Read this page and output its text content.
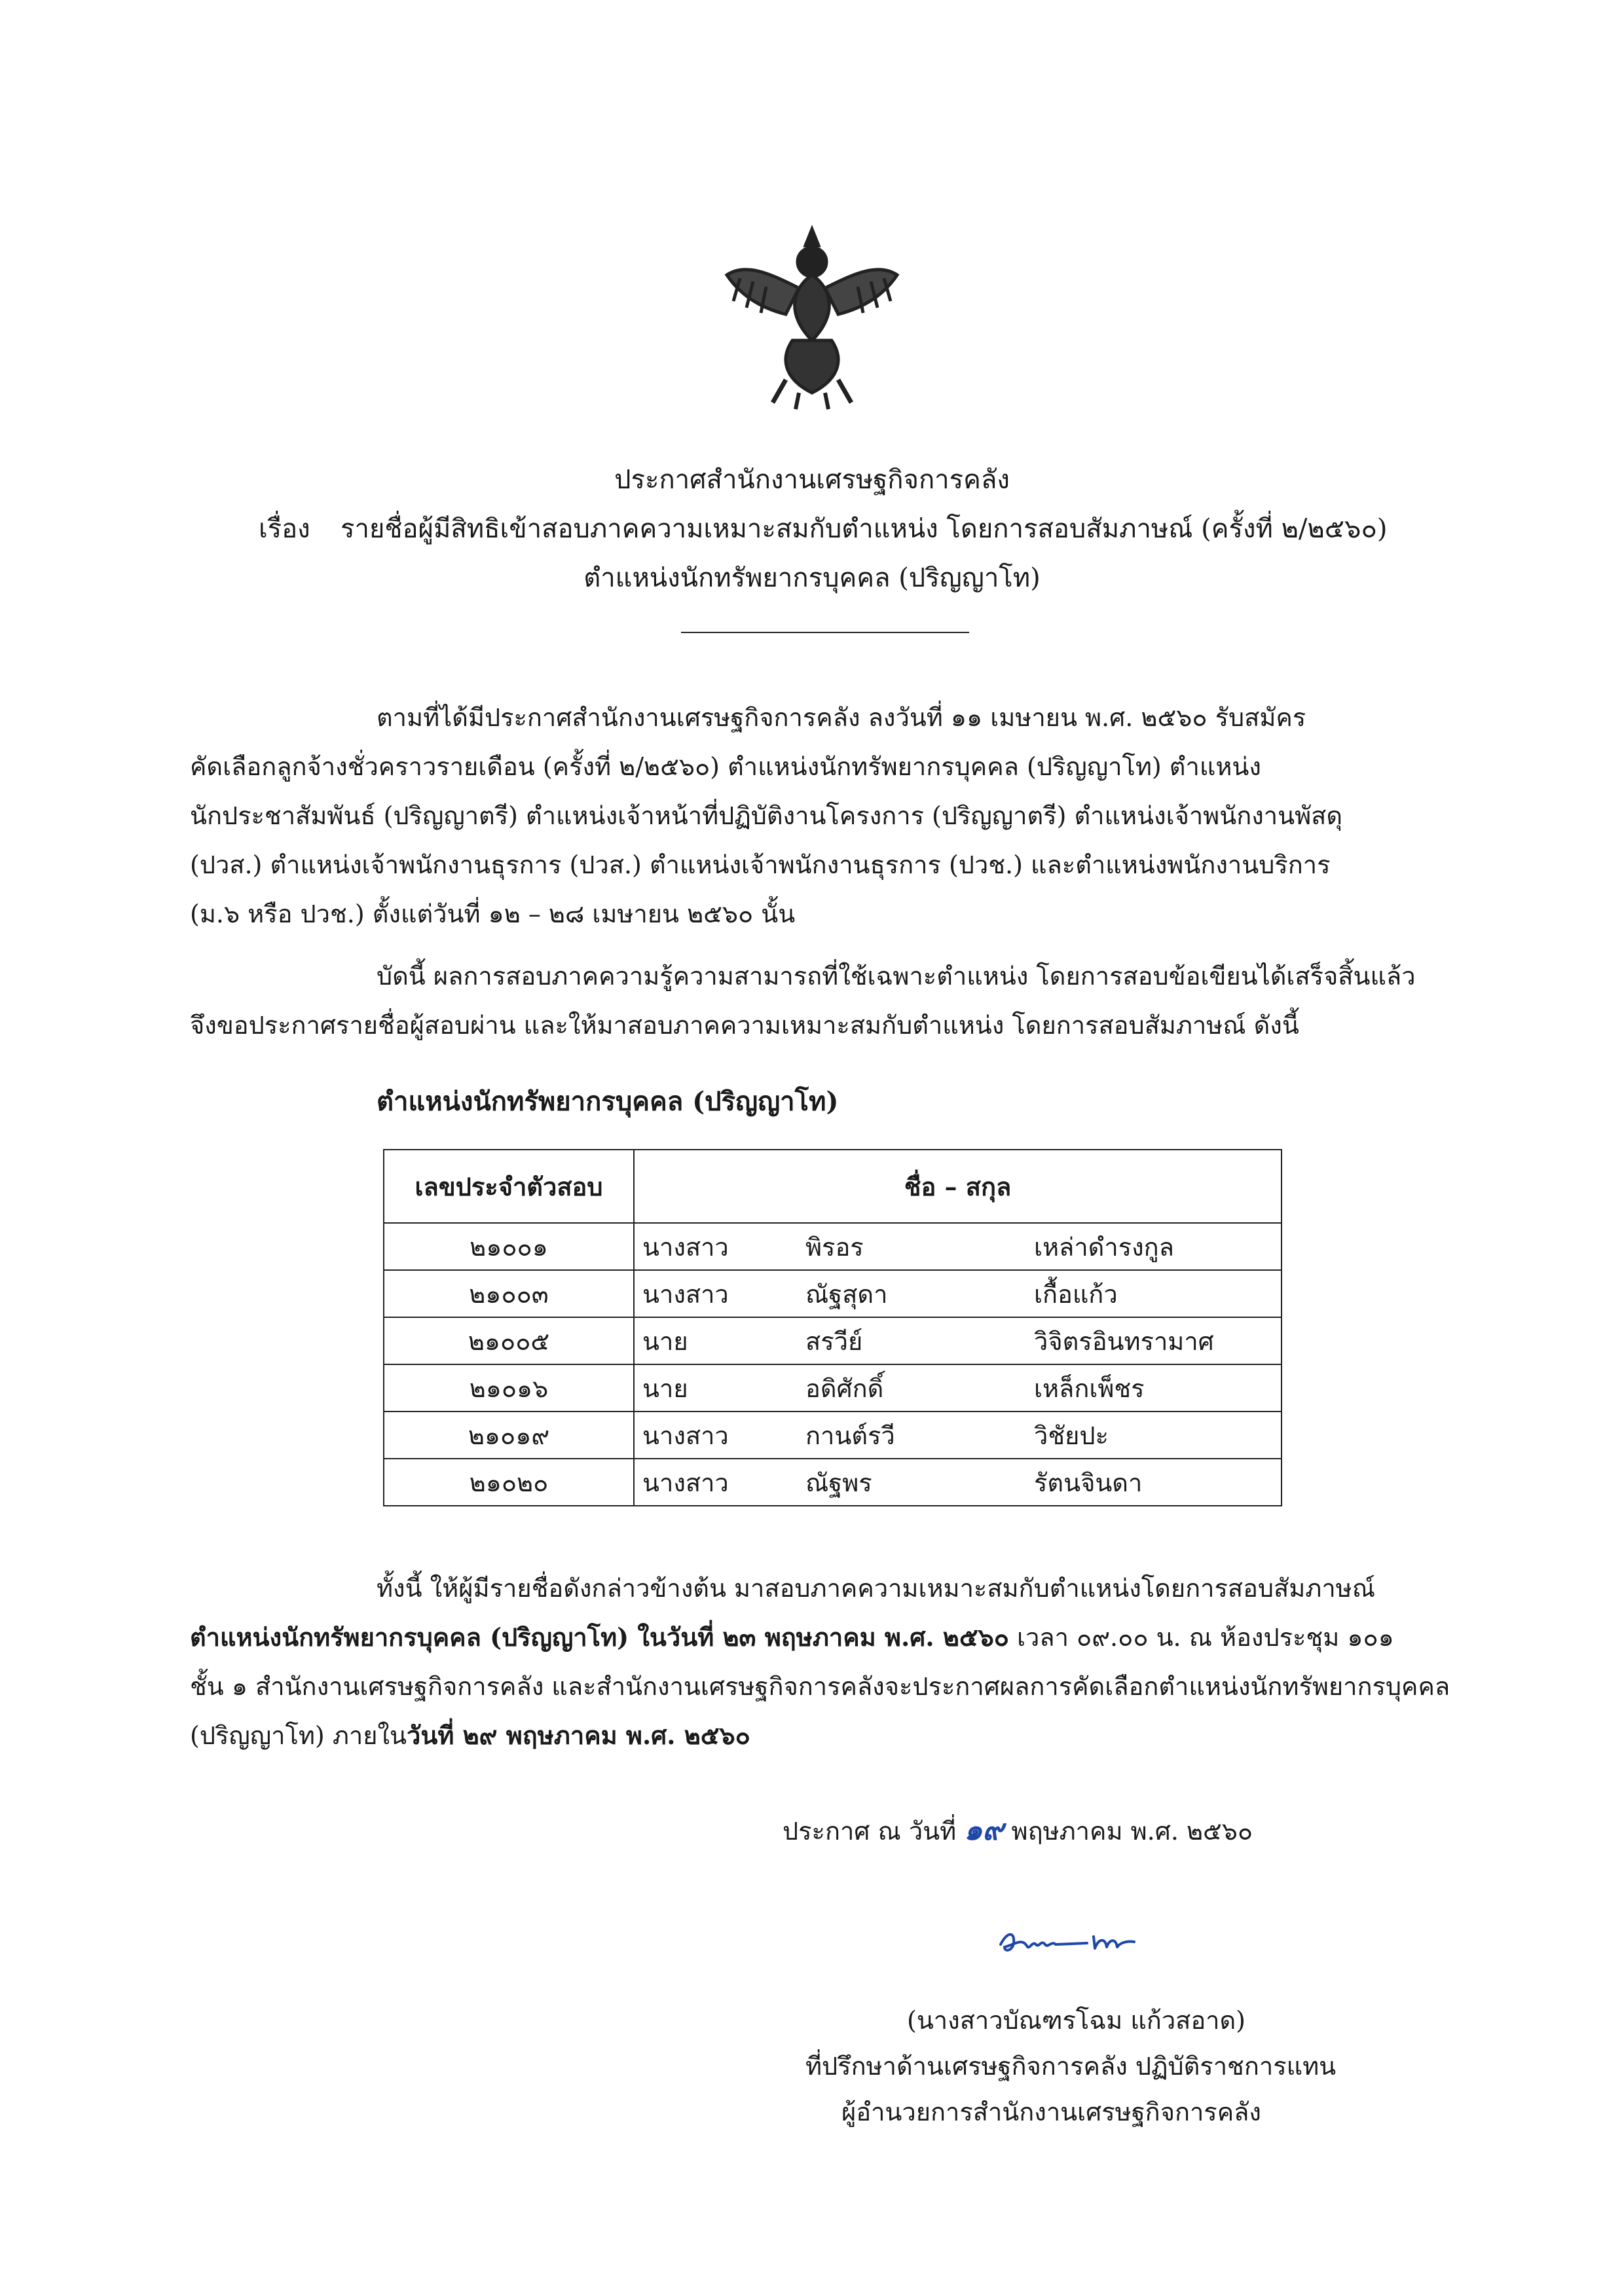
ประกาศสำนักงานเศรษฐกิจการคลัง
เรื่อง รายชื่อผู้มีสิทธิเข้าสอบภาคความเหมาะสมกับตำแหน่ง โดยการสอบสัมภาษณ์ (ครั้งที่ ๒/๒๕๖๐)
ตำแหน่งนักทรัพยากรบุคคล (ปริญญาโท)
ตามที่ได้มีประกาศสำนักงานเศรษฐกิจการคลัง ลงวันที่ ๑๑ เมษายน พ.ศ. ๒๕๖๐ รับสมัคร
คัดเลือกลูกจ้างชั่วคราวรายเดือน (ครั้งที่ ๒/๒๕๖๐) ตำแหน่งนักทรัพยากรบุคคล (ปริญญาโท) ตำแหน่ง
นักประชาสัมพันธ์ (ปริญญาตรี) ตำแหน่งเจ้าหน้าที่ปฏิบัติงานโครงการ (ปริญญาตรี) ตำแหน่งเจ้าพนักงานพัสดุ
(ปวส.) ตำแหน่งเจ้าพนักงานธุรการ (ปวส.) ตำแหน่งเจ้าพนักงานธุรการ (ปวช.) และตำแหน่งพนักงานบริการ
(ม.๖ หรือ ปวช.) ตั้งแต่วันที่ ๑๒ – ๒๘ เมษายน ๒๕๖๐ นั้น
บัดนี้ ผลการสอบภาคความรู้ความสามารถที่ใช้เฉพาะตำแหน่ง โดยการสอบข้อเขียนได้เสร็จสิ้นแล้ว
จึงขอประกาศรายชื่อผู้สอบผ่าน และให้มาสอบภาคความเหมาะสมกับตำแหน่ง โดยการสอบสัมภาษณ์ ดังนี้
ตำแหน่งนักทรัพยากรบุคคล (ปริญญาโท)
เลขประจำตัวสอบ	ชื่อ – สกุล		
๒๑๐๐๑	นางสาว	พิรอร	เหล่าดำรงกูล
๒๑๐๐๓	นางสาว	ณัฐสุดา	เกื้อแก้ว
๒๑๐๐๕	นาย	สรวีย์	วิจิตรอินทรามาศ
๒๑๐๑๖	นาย	อดิศักดิ์	เหล็กเพ็ชร
๒๑๐๑๙	นางสาว	กานต์รวี	วิชัยปะ
๒๑๐๒๐	นางสาว	ณัฐพร	รัตนจินดา
ทั้งนี้ ให้ผู้มีรายชื่อดังกล่าวข้างต้น มาสอบภาคความเหมาะสมกับตำแหน่งโดยการสอบสัมภาษณ์
ตำแหน่งนักทรัพยากรบุคคล (ปริญญาโท) ในวันที่ ๒๓ พฤษภาคม พ.ศ. ๒๕๖๐ เวลา ๐๙.๐๐ น. ณ ห้องประชุม ๑๐๑
ชั้น ๑ สำนักงานเศรษฐกิจการคลัง และสำนักงานเศรษฐกิจการคลังจะประกาศผลการคัดเลือกตำแหน่งนักทรัพยากรบุคคล
(ปริญญาโท) ภายในวันที่ ๒๙ พฤษภาคม พ.ศ. ๒๕๖๐
ประกาศ ณ วันที่ ๑๙ พฤษภาคม พ.ศ. ๒๕๖๐
(นางสาวบัณฑรโฉม แก้วสอาด)
ที่ปรึกษาด้านเศรษฐกิจการคลัง ปฏิบัติราชการแทน
ผู้อำนวยการสำนักงานเศรษฐกิจการคลัง
